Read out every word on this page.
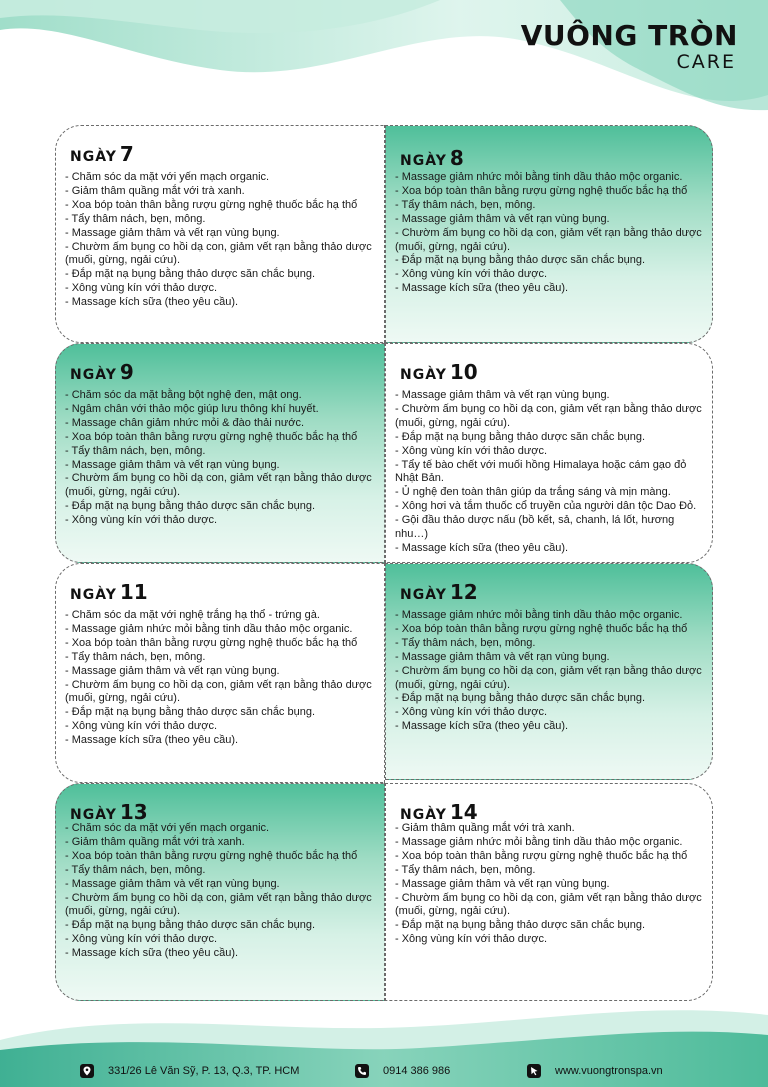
VUÔNG TRÒN
CARE
NGÀY 7
- Chăm sóc da mặt với yến mạch organic.
- Giảm thâm quầng mắt với trà xanh.
- Xoa bóp toàn thân bằng rượu gừng nghệ thuốc bắc hạ thổ
- Tẩy thâm nách, bẹn, mông.
- Massage giảm thâm và vết rạn vùng bụng.
- Chườm ấm bụng co hồi dạ con, giảm vết rạn bằng thảo dược (muối, gừng, ngải cứu).
- Đắp mặt nạ bụng bằng thảo dược săn chắc bụng.
- Xông vùng kín với thảo dược.
- Massage kích sữa (theo yêu cầu).
NGÀY 8
- Massage giảm nhức mỏi bằng tinh dầu thảo mộc organic.
- Xoa bóp toàn thân bằng rượu gừng nghệ thuốc bắc hạ thổ
- Tẩy thâm nách, bẹn, mông.
- Massage giảm thâm và vết rạn vùng bụng.
- Chườm ấm bụng co hồi dạ con, giảm vết rạn bằng thảo dược (muối, gừng, ngải cứu).
- Đắp mặt nạ bụng bằng thảo dược săn chắc bụng.
- Xông vùng kín với thảo dược.
- Massage kích sữa (theo yêu cầu).
NGÀY 9
- Chăm sóc da mặt bằng bột nghệ đen, mật ong.
- Ngâm chân với thảo mộc giúp lưu thông khí huyết.
- Massage chân giảm nhức mỏi & đào thải nước.
- Xoa bóp toàn thân bằng rượu gừng nghệ thuốc bắc hạ thổ
- Tẩy thâm nách, bẹn, mông.
- Massage giảm thâm và vết rạn vùng bụng.
- Chườm ấm bụng co hồi dạ con, giảm vết rạn bằng thảo dược (muối, gừng, ngải cứu).
- Đắp mặt nạ bụng bằng thảo dược săn chắc bụng.
- Xông vùng kín với thảo dược.
NGÀY 10
- Massage giảm thâm và vết rạn vùng bụng.
- Chườm ấm bụng co hồi dạ con, giảm vết rạn bằng thảo dược (muối, gừng, ngải cứu).
- Đắp mặt nạ bụng bằng thảo dược săn chắc bụng.
- Xông vùng kín với thảo dược.
- Tẩy tế bào chết với muối hồng Himalaya hoặc cám gạo đỏ Nhật Bản.
- Ủ nghệ đen toàn thân giúp da trắng sáng và mịn màng.
- Xông hơi và tắm thuốc cổ truyền của người dân tộc Dao Đỏ.
- Gội đầu thảo dược nấu (bồ kết, sả, chanh, lá lốt, hương nhu…)
- Massage kích sữa (theo yêu cầu).
NGÀY 11
- Chăm sóc da mặt với nghệ trắng hạ thổ - trứng gà.
- Massage giảm nhức mỏi bằng tinh dầu thảo mộc organic.
- Xoa bóp toàn thân bằng rượu gừng nghệ thuốc bắc hạ thổ
- Tẩy thâm nách, bẹn, mông.
- Massage giảm thâm và vết rạn vùng bụng.
- Chườm ấm bụng co hồi dạ con, giảm vết rạn bằng thảo dược (muối, gừng, ngải cứu).
- Đắp mặt nạ bụng bằng thảo dược săn chắc bụng.
- Xông vùng kín với thảo dược.
- Massage kích sữa (theo yêu cầu).
NGÀY 12
- Massage giảm nhức mỏi bằng tinh dầu thảo mộc organic.
- Xoa bóp toàn thân bằng rượu gừng nghệ thuốc bắc hạ thổ
- Tẩy thâm nách, bẹn, mông.
- Massage giảm thâm và vết rạn vùng bụng.
- Chườm ấm bụng co hồi dạ con, giảm vết rạn bằng thảo dược (muối, gừng, ngải cứu).
- Đắp mặt nạ bụng bằng thảo dược săn chắc bụng.
- Xông vùng kín với thảo dược.
- Massage kích sữa (theo yêu cầu).
NGÀY 13
- Chăm sóc da mặt với yến mạch organic.
- Giảm thâm quầng mắt với trà xanh.
- Xoa bóp toàn thân bằng rượu gừng nghệ thuốc bắc hạ thổ
- Tẩy thâm nách, bẹn, mông.
- Massage giảm thâm và vết rạn vùng bụng.
- Chườm ấm bụng co hồi dạ con, giảm vết rạn bằng thảo dược (muối, gừng, ngải cứu).
- Đắp mặt nạ bụng bằng thảo dược săn chắc bụng.
- Xông vùng kín với thảo dược.
- Massage kích sữa (theo yêu cầu).
NGÀY 14
- Giảm thâm quầng mắt với trà xanh.
- Massage giảm nhức mỏi bằng tinh dầu thảo mộc organic.
- Xoa bóp toàn thân bằng rượu gừng nghệ thuốc bắc hạ thổ
- Tẩy thâm nách, bẹn, mông.
- Massage giảm thâm và vết rạn vùng bụng.
- Chườm ấm bụng co hồi dạ con, giảm vết rạn bằng thảo dược (muối, gừng, ngải cứu).
- Đắp mặt nạ bụng bằng thảo dược săn chắc bụng.
- Xông vùng kín với thảo dược.
331/26 Lê Văn Sỹ, P. 13, Q.3, TP. HCM	0914 386 986	www.vuongtronspa.vn
